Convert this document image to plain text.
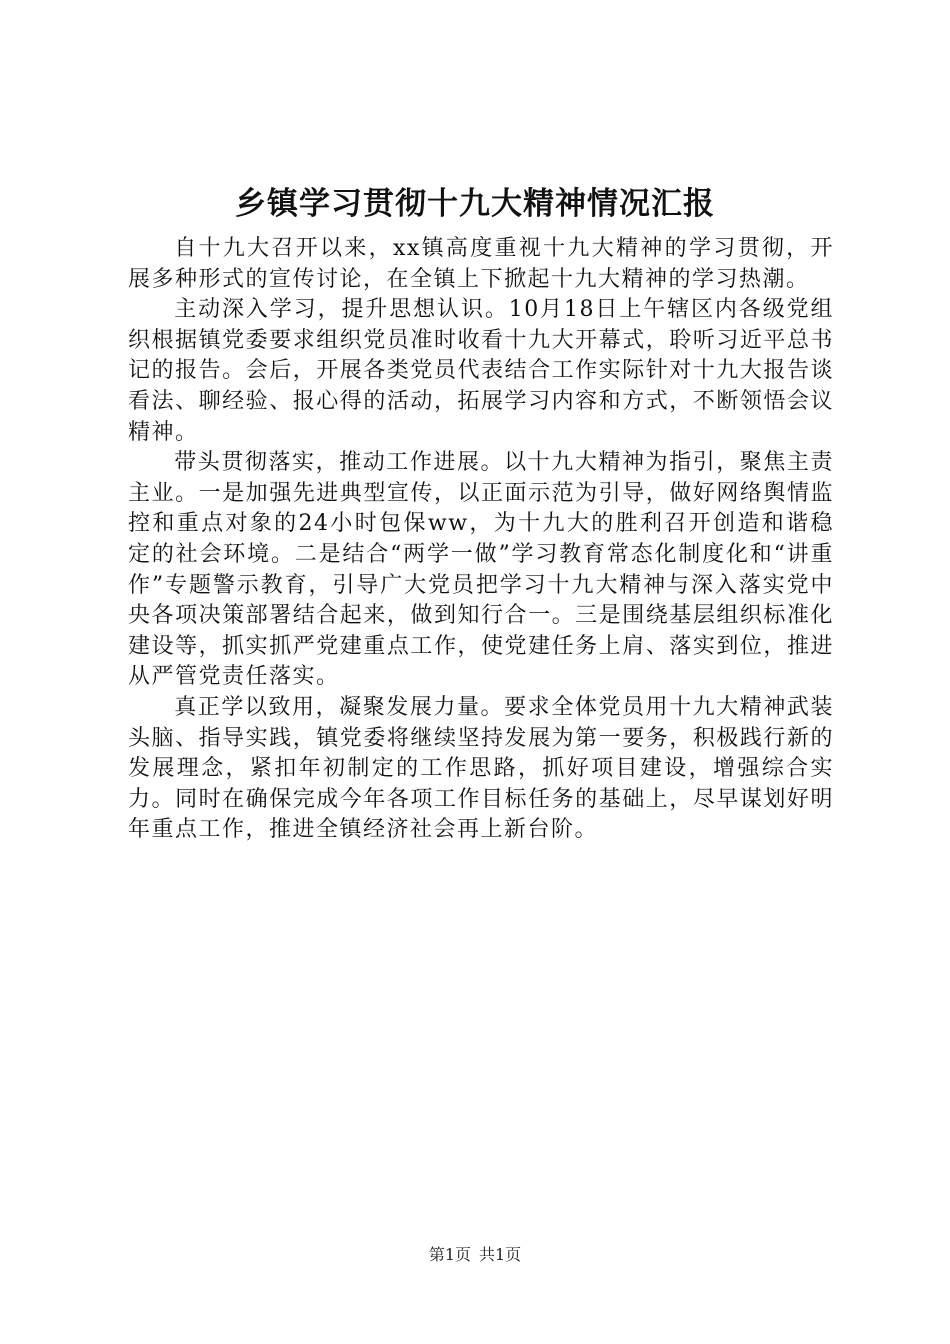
乡镇学习贯彻十九大精神情况汇报

自十九大召开以来，xx镇高度重视十九大精神的学习贯彻，开展多种形式的宣传讨论，在全镇上下掀起十九大精神的学习热潮。

主动深入学习，提升思想认识。10月18日上午辖区内各级党组织根据镇党委要求组织党员准时收看十九大开幕式，聆听习近平总书记的报告。会后，开展各类党员代表结合工作实际针对十九大报告谈看法、聊经验、报心得的活动，拓展学习内容和方式，不断领悟会议精神。

带头贯彻落实，推动工作进展。以十九大精神为指引，聚焦主责主业。一是加强先进典型宣传，以正面示范为引导，做好网络舆情监控和重点对象的24小时包保ww，为十九大的胜利召开创造和谐稳定的社会环境。二是结合“两学一做”学习教育常态化制度化和“讲重作”专题警示教育，引导广大党员把学习十九大精神与深入落实党中央各项决策部署结合起来，做到知行合一。三是围绕基层组织标准化建设等，抓实抓严党建重点工作，使党建任务上肩、落实到位，推进从严管党责任落实。

真正学以致用，凝聚发展力量。要求全体党员用十九大精神武装头脑、指导实践，镇党委将继续坚持发展为第一要务，积极践行新的发展理念，紧扣年初制定的工作思路，抓好项目建设，增强综合实力。同时在确保完成今年各项工作目标任务的基础上，尽早谋划好明年重点工作，推进全镇经济社会再上新台阶。

第1页 共1页
